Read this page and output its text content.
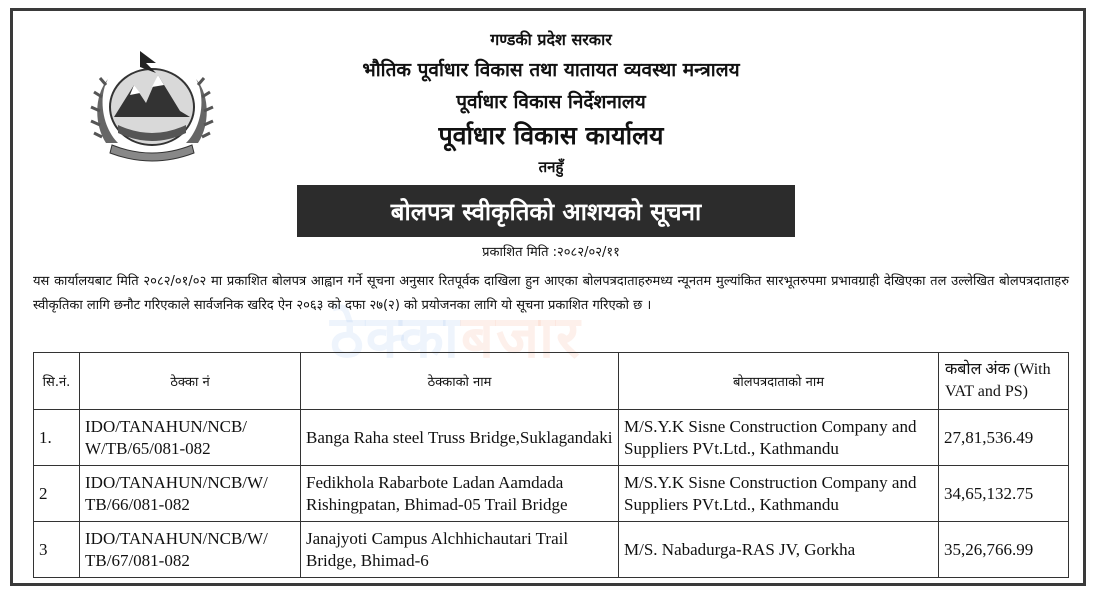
गण्डकी प्रदेश सरकार
भौतिक पूर्वाधार विकास तथा यातायत व्यवस्था मन्त्रालय
पूर्वाधार विकास निर्देशनालय
पूर्वाधार विकास कार्यालय
तनहुँ
बोलपत्र स्वीकृतिको आशयको सूचना
प्रकाशित मिति :२०८२/०२/११
ठेक्काबजार
यस कार्यालयबाट मिति २०८२/०१/०२ मा प्रकाशित बोलपत्र आह्वान गर्ने सूचना अनुसार रितपूर्वक दाखिला हुन आएका बोलपत्रदाताहरुमध्य न्यूनतम मुल्यांकित सारभूतरुपमा प्रभावग्राही देखिएका तल उल्लेखित बोलपत्रदाताहरु स्वीकृतिका लागि छनौट गरिएकाले सार्वजनिक खरिद ऐन २०६३ को दफा २७(२) को प्रयोजनका लागि यो सूचना प्रकाशित गरिएको छ ।
सि.नं.	ठेक्का नं	ठेक्काको नाम	बोलपत्रदाताको नाम	कबोल अंक (With VAT and PS)
1.	IDO/TANAHUN/NCB/ W/TB/65/081-082	Banga Raha steel Truss Bridge,Suklagandaki	M/S.Y.K Sisne Construction Company and Suppliers PVt.Ltd., Kathmandu	27,81,536.49
2	IDO/TANAHUN/NCB/W/ TB/66/081-082	Fedikhola Rabarbote Ladan Aamdada Rishingpatan, Bhimad-05 Trail Bridge	M/S.Y.K Sisne Construction Company and Suppliers PVt.Ltd., Kathmandu	34,65,132.75
3	IDO/TANAHUN/NCB/W/ TB/67/081-082	Janajyoti Campus Alchhichautari Trail Bridge, Bhimad-6	M/S. Nabadurga-RAS JV, Gorkha	35,26,766.99
